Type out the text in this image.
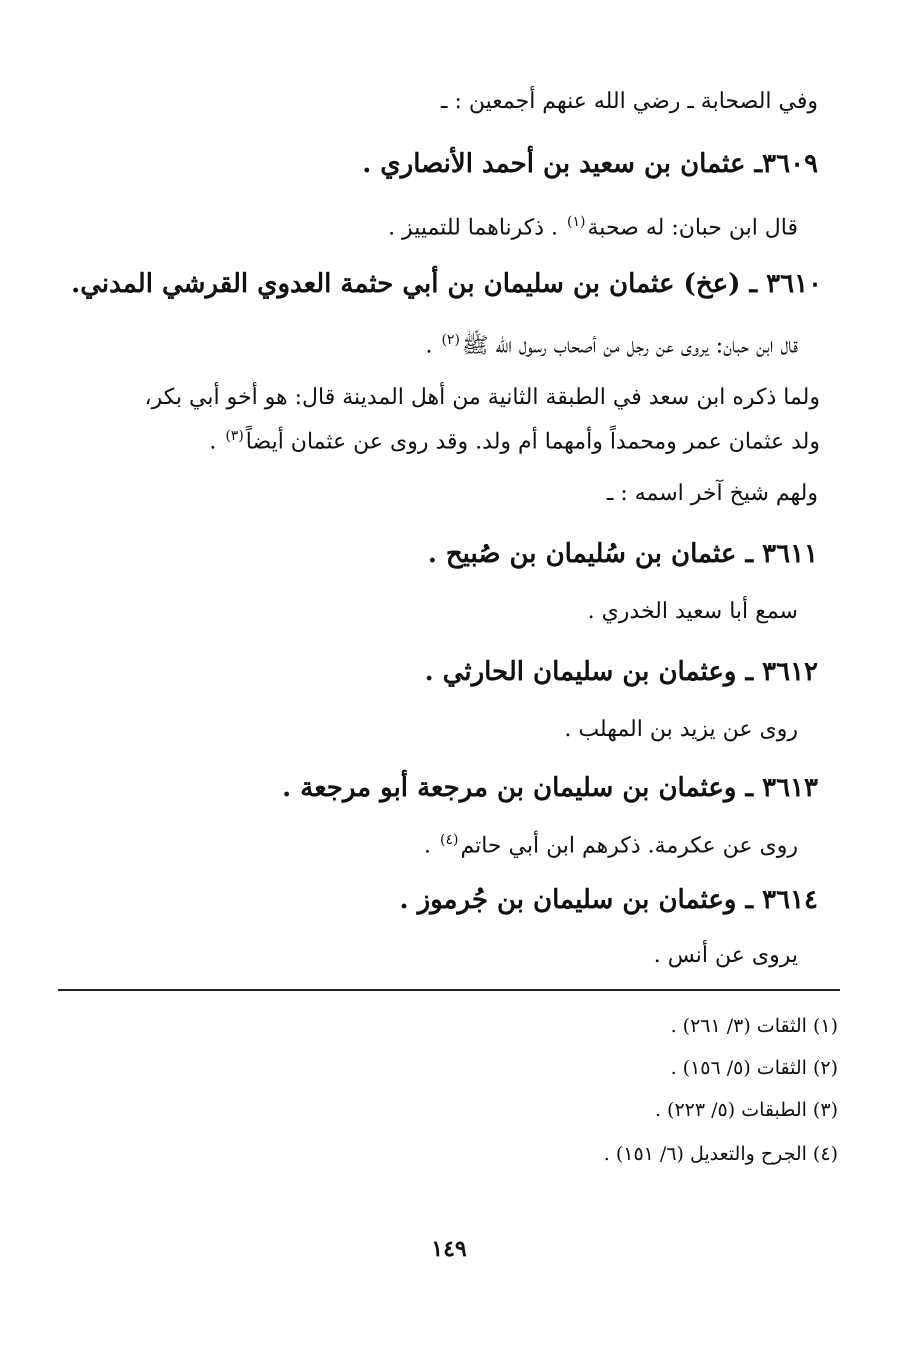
وفي الصحابة ـ رضي الله عنهم أجمعين : ـ
٣٦٠٩ـ عثمان بن سعيد بن أحمد الأنصاري .
قال ابن حبان: له صحبة$^{(١)}$ . ذكرناهما للتمييز .
٣٦١٠ ـ (عخ) عثمان بن سليمان بن أبي حثمة العدوي القرشي المدني.
قال ابن حبان: يروى عن رجل من أصحاب رسول الله ﷺ$^{(٢)}$ .
ولما ذكره ابن سعد في الطبقة الثانية من أهل المدينة قال: هو أخو أبي بكر،
ولد عثمان عمر ومحمداً وأمهما أم ولد. وقد روى عن عثمان أيضاً$^{(٣)}$ .
ولهم شيخ آخر اسمه : ـ
٣٦١١ ـ عثمان بن سُليمان بن صُبيح .
سمع أبا سعيد الخدري .
٣٦١٢ ـ وعثمان بن سليمان الحارثي .
روى عن يزيد بن المهلب .
٣٦١٣ ـ وعثمان بن سليمان بن مرجعة أبو مرجعة .
روى عن عكرمة. ذكرهم ابن أبي حاتم$^{(٤)}$ .
٣٦١٤ ـ وعثمان بن سليمان بن جُرموز .
يروى عن أنس .
(١) الثقات (٣/ ٢٦١) .
(٢) الثقات (٥/ ١٥٦) .
(٣) الطبقات (٥/ ٢٢٣) .
(٤) الجرح والتعديل (٦/ ١٥١) .
١٤٩
